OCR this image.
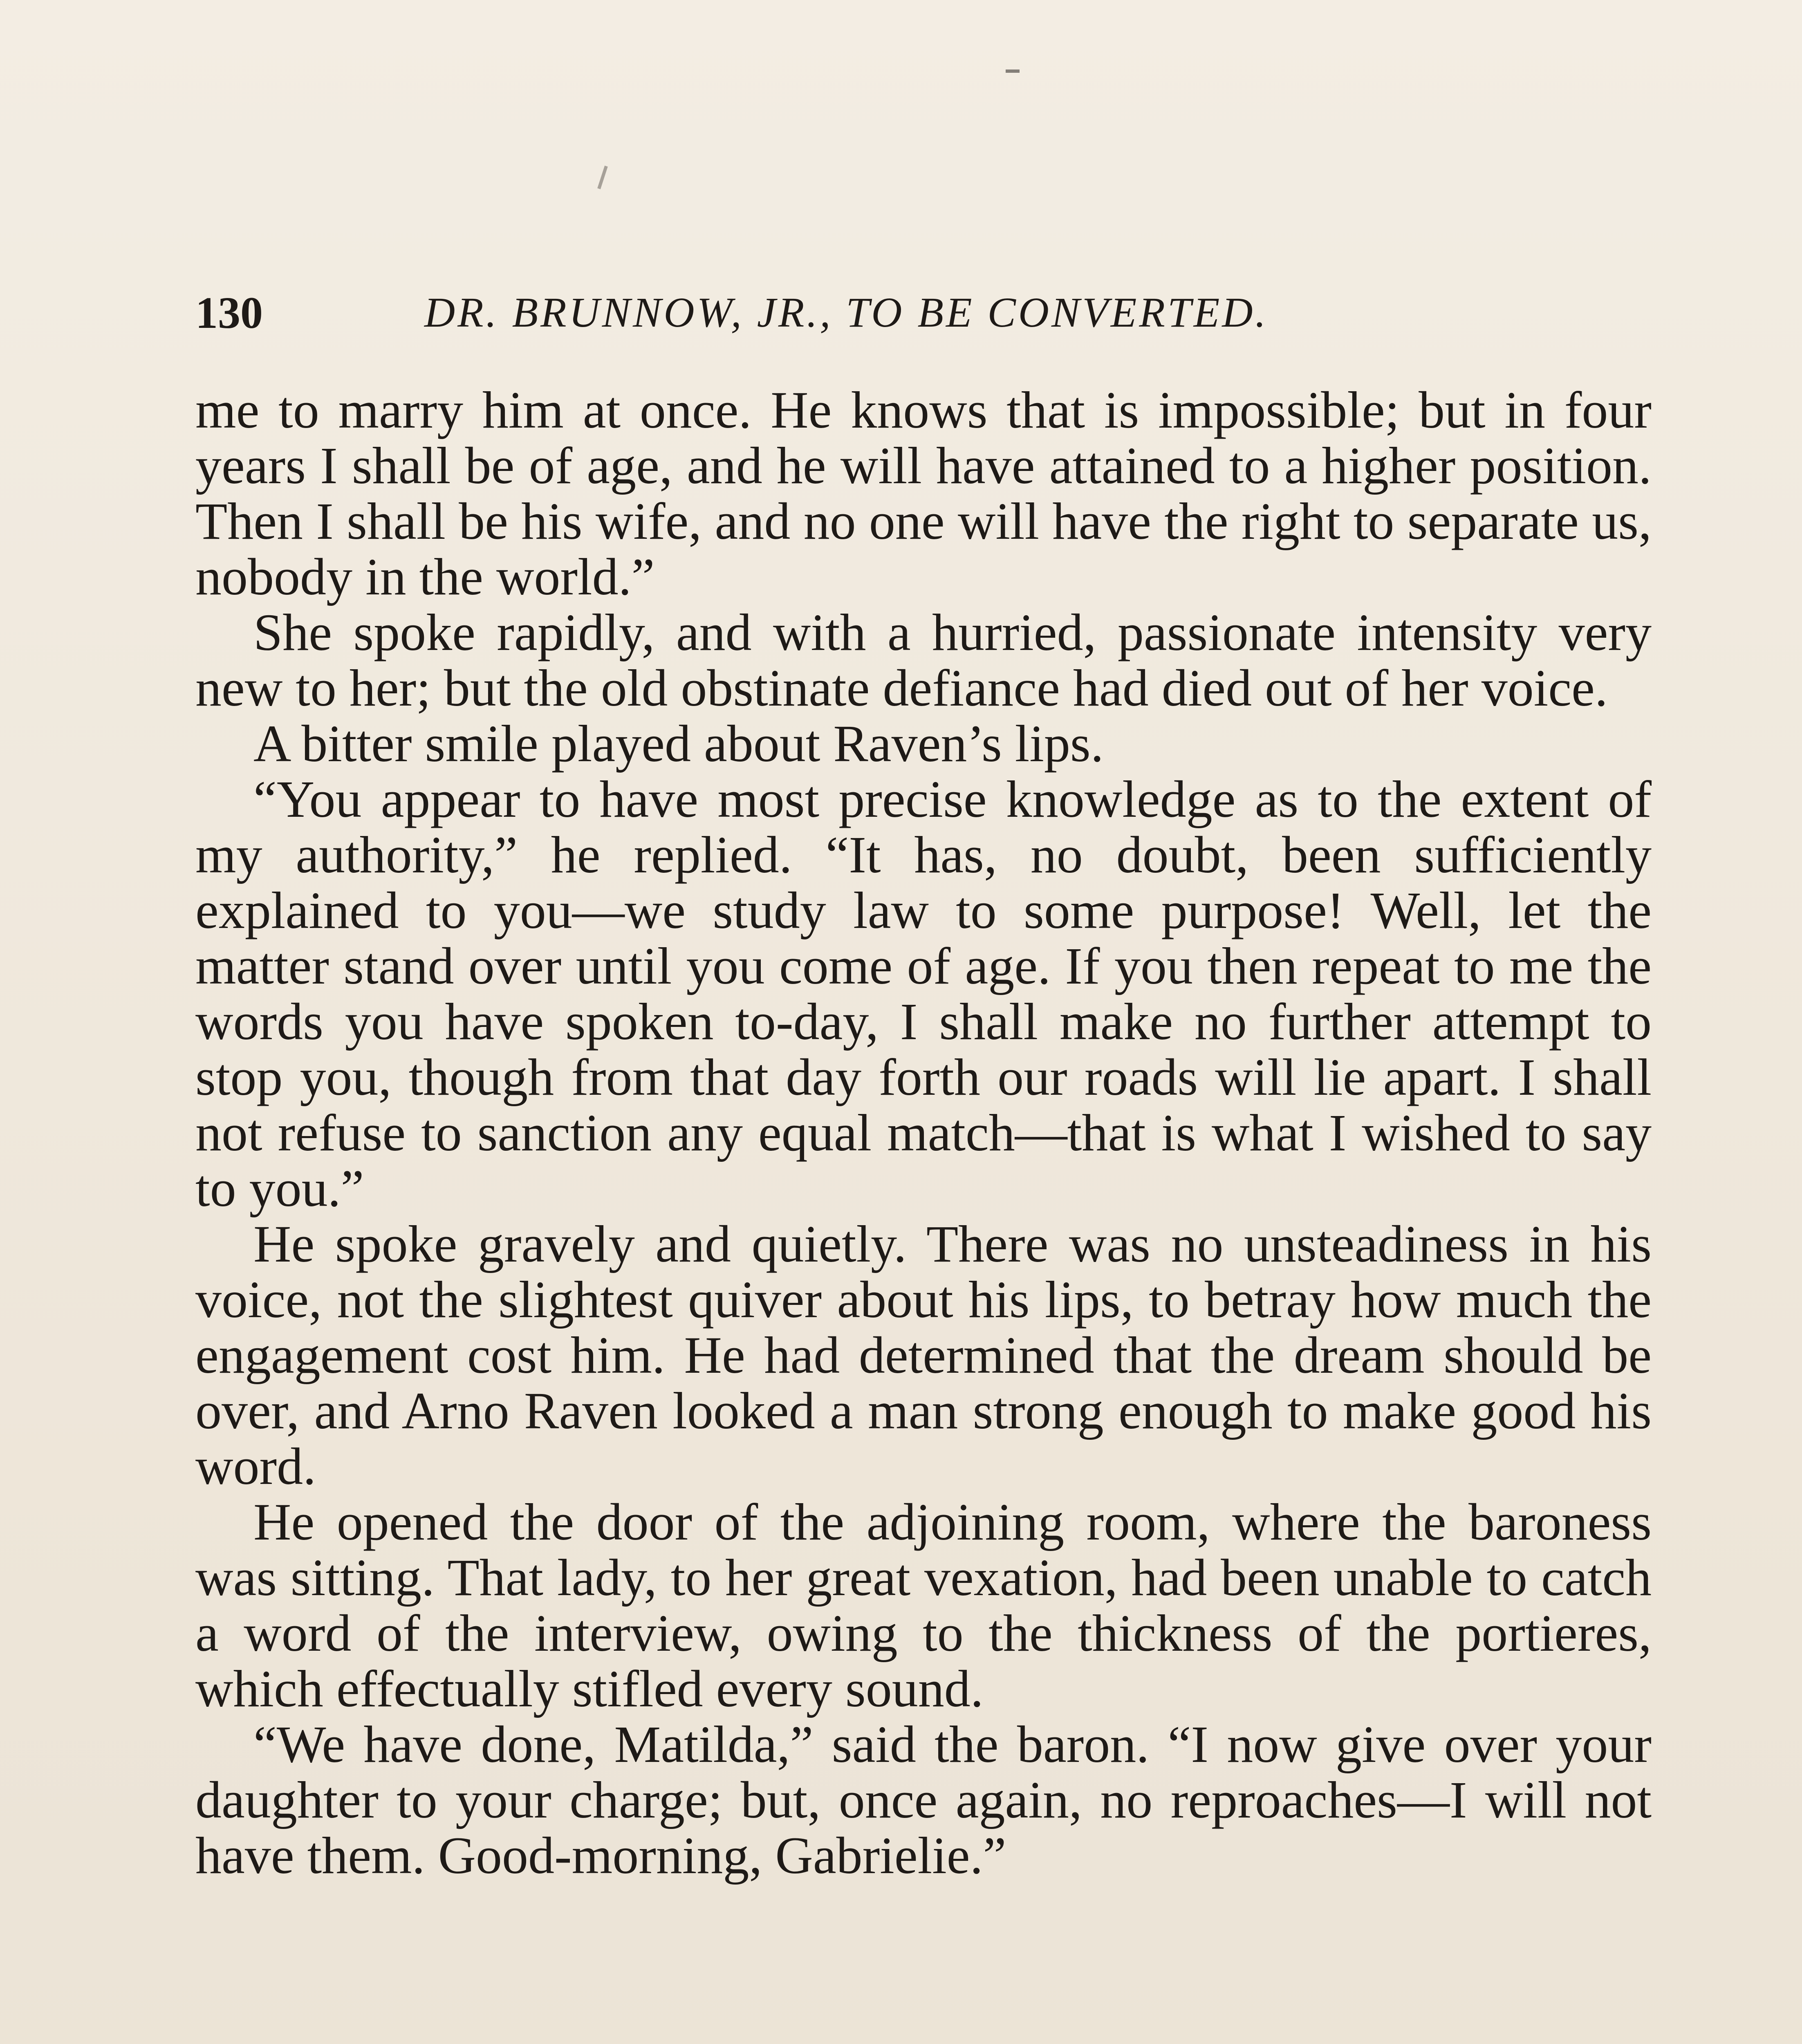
130	DR. BRUNNOW, JR., TO BE CONVERTED.

me to marry him at once. He knows that is impossible; but in four years I shall be of age, and he will have attained to a higher position. Then I shall be his wife, and no one will have the right to separate us, nobody in the world.”

She spoke rapidly, and with a hurried, passionate intensity very new to her; but the old obstinate defiance had died out of her voice.

A bitter smile played about Raven’s lips.

“You appear to have most precise knowledge as to the extent of my authority,” he replied. “It has, no doubt, been sufficiently explained to you—we study law to some purpose! Well, let the matter stand over until you come of age. If you then repeat to me the words you have spoken to-day, I shall make no further attempt to stop you, though from that day forth our roads will lie apart. I shall not refuse to sanction any equal match—that is what I wished to say to you.”

He spoke gravely and quietly. There was no unsteadiness in his voice, not the slightest quiver about his lips, to betray how much the engagement cost him. He had determined that the dream should be over, and Arno Raven looked a man strong enough to make good his word.

He opened the door of the adjoining room, where the baroness was sitting. That lady, to her great vexation, had been unable to catch a word of the interview, owing to the thickness of the portieres, which effectually stifled every sound.

“We have done, Matilda,” said the baron. “I now give over your daughter to your charge; but, once again, no reproaches—I will not have them. Good-morning, Gabrielie.”
